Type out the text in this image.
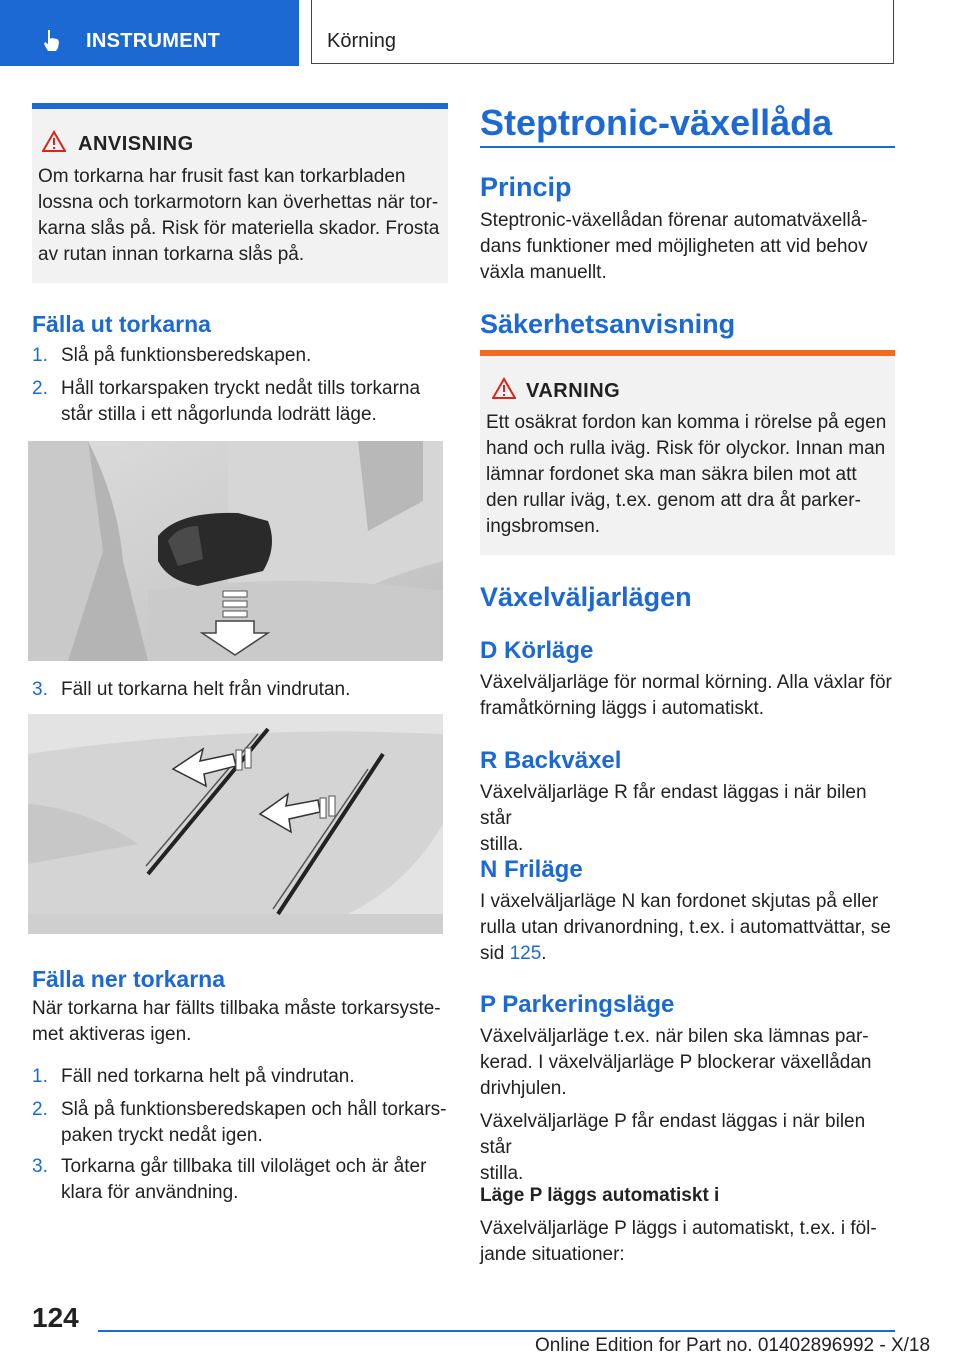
INSTRUMENT	Körning
ANVISNING
Om torkarna har frusit fast kan torkarbladen
lossna och torkarmotorn kan överhettas när tor-
karna slås på. Risk för materiella skador. Frosta
av rutan innan torkarna slås på.
Fälla ut torkarna
1. Slå på funktionsberedskapen.
2. Håll torkarspaken tryckt nedåt tills torkarna
står stilla i ett någorlunda lodrätt läge.
3. Fäll ut torkarna helt från vindrutan.
Fälla ner torkarna
När torkarna har fällts tillbaka måste torkarsyste-
met aktiveras igen.
1. Fäll ned torkarna helt på vindrutan.
2. Slå på funktionsberedskapen och håll torkars-
paken tryckt nedåt igen.
3. Torkarna går tillbaka till viloläget och är åter
klara för användning.
Steptronic-växellåda
Princip
Steptronic-växellådan förenar automatväxellå-
dans funktioner med möjligheten att vid behov
växla manuellt.
Säkerhetsanvisning
VARNING
Ett osäkrat fordon kan komma i rörelse på egen
hand och rulla iväg. Risk för olyckor. Innan man
lämnar fordonet ska man säkra bilen mot att
den rullar iväg, t.ex. genom att dra åt parker-
ingsbromsen.
Växelväljarlägen
D Körläge
Växelväljarläge för normal körning. Alla växlar för
framåtkörning läggs i automatiskt.
R Backväxel
Växelväljarläge R får endast läggas i när bilen står
stilla.
N Friläge
I växelväljarläge N kan fordonet skjutas på eller
rulla utan drivanordning, t.ex. i automattvättar, se
sid 125.
P Parkeringsläge
Växelväljarläge t.ex. när bilen ska lämnas par-
kerad. I växelväljarläge P blockerar växellådan
drivhjulen.
Växelväljarläge P får endast läggas i när bilen står
stilla.
Läge P läggs automatiskt i
Växelväljarläge P läggs i automatiskt, t.ex. i föl-
jande situationer:
124
Online Edition for Part no. 01402896992 - X/18
